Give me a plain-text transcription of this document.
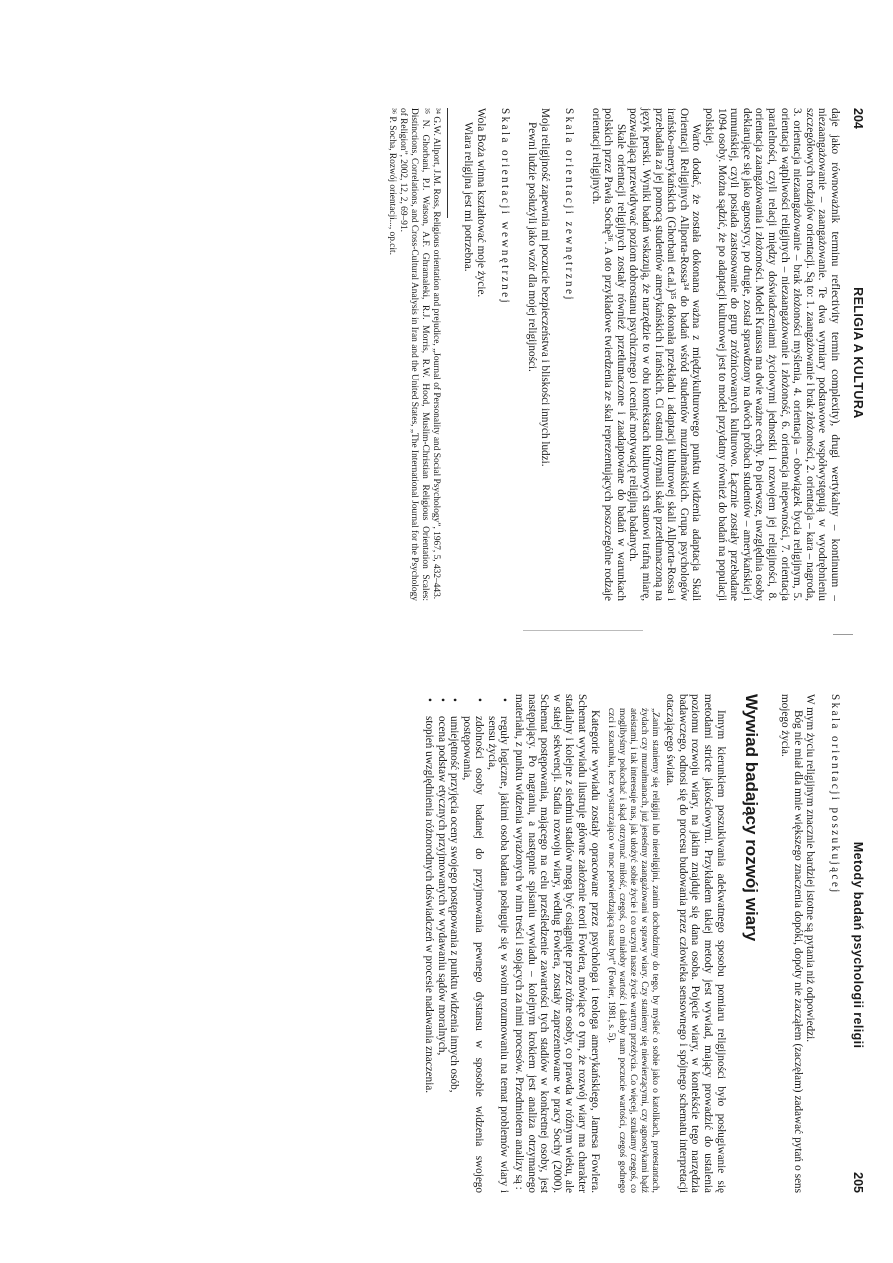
204
RELIGIA A KULTURA

daje jako równoważnik terminu reflectivity termin complexity), drugi wertykalny – kontinuum – niezaangażowanie – zaangażowanie. Te dwa wymiary podstawowe współwystępują w wyodrębnieniu szczegółowych rodzajów orientacji. Są to: 1. zaangażowanie i brak złożoności, 2. orientacja – kara – nagroda, 3. orientacja niezaangażowanie – brak złożoności myślenia, 4. orientacja – obowiązek bycia religijnym, 5. orientacja wątpliwości religijnych – niezaangażowanie i złożoność, 6. orientacja niepewności, 7. orientacja paralelności, czyli relacji między doświadczeniami życiowymi jednostki i rozwojem jej religijności, 8. orientacja zaangażowania i złożoności. Model Kraussa ma dwie ważne cechy. Po pierwsze, uwzględnia osoby deklarujące się jako agnostycy, po drugie, został sprawdzony na dwóch próbach studentów – amerykańskiej i rumuńskiej, czyli posiada zastosowanie do grup zróżnicowanych kulturowo. Łącznie zostały przebadane 1094 osoby. Można sądzić, że po adaptacji kulturowej jest to model przydatny również do badań na populacji polskiej.

Warto dodać, że została dokonana ważna z międzykulturowego punktu widzenia adaptacja Skali Orientacji Religijnych Allporta-Rossa³⁴ do badań wśród studentów muzułmańskich. Grupa psychologów irańsko-amerykańskich (Ghorbani et.al.)³⁵ dokonała przekładu i adaptacji kulturowej skali Allporta-Rossa i przebadała za jej pomocą studentów amerykańskich i irańskich. Ci ostatni otrzymali skalę przetłumaczoną na język perski. Wyniki badań wskazują, że narzędzie to w obu kontekstach kulturowych stanowi trafną miarę, pozwalającą przewidywać poziom dobrostanu psychicznego i oceniać motywację religijną badanych.

Skale orientacji religijnych zostały również przetłumaczone i zaadaptowane do badań w warunkach polskich przez Pawła Sochę³⁶. A oto przykładowe twierdzenia ze skal reprezentujących poszczególne rodzaje orientacji religijnych.

Skala orientacji zewnętrznej
Moja religijność zapewnia mi poczucie bezpieczeństwa i bliskości innych ludzi.
Pewni ludzie posłużyli jako wzór dla mojej religijności.
Skala orientacji wewnętrznej
Wola Boża winna kształtować moje życie.
Wiara religijna jest mi potrzebna.

³⁴ G.W. Allport, J.M. Ross, Religious orientation and prejudice, „Journal of Personality and Social Psychology”, 1967, 5, 432–443.

³⁵ N. Ghorbani, P.J. Watson, A.F. Ghramaleki, R.J. Morris, R.W. Hood, Muslim-Christian Religious Orientation Scales: Distinctions, Correlations, and Cross-Cultural Analysis in Iran and the United States, „The International Journal for the Psychology of Religion”, 2002, 12, 2, 69–91.

³⁶ P. Socha, Rozwój orientacji..., op.cit.

Metody badań psychologii religii
205
Skala orientacji poszukującej

W mym życiu religijnym znacznie bardziej istotne są pytania niż odpowiedzi.

Bóg nie miał dla mnie większego znaczenia dopóki, dopóty nie zacząłem (zaczęłam) zadawać pytań o sens mojego życia.

Wywiad badający rozwój wiary

Innym kierunkiem poszukiwania adekwatnego sposobu pomiaru religijności było posługiwanie się metodami stricte jakościowymi. Przykładem takiej metody jest wywiad, mający prowadzić do ustalenia poziomu rozwoju wiary, na jakim znajduje się dana osoba. Pojęcie wiary, w kontekście tego narzędzia badawczego, odnosi się do procesu budowania przez człowieka sensownego i spójnego schematu interpretacji otaczającego świata.

„Zanim staniemy się religijni lub niereligijni, zanim dochodzimy do tego, by myśleć o sobie jako o katolikach, protestantach, żydach czy muzułmanach, już jesteśmy zaangażowani w sprawy wiary. Czy staniemy się niewierzącymi, czy agnostykami bądź ateistami, i tak interesuje nas, jak ułożyć sobie życie i co uczyni nasze życie wartym przeżycia. Co więcej, szukamy czegoś, co moglibyśmy pokochać i skąd otrzymać miłość, czegoś, co miałoby wartość i dałoby nam poczucie wartości, czegoś godnego czci i szacunku, lecz wystarczająco w moc potwierdzającą nasz byt” (Fowler, 1981, s. 5).

Kategorie wywiadu zostały opracowane przez psychologa i teologa amerykańskiego, Jamesa Fowlera. Schemat wywiadu ilustruje główne założenie teorii Fowlera, mówiące o tym, że rozwój wiary ma charakter stadialny i kolejne z siedmiu stadiów mogą być osiągnięte przez różne osoby, co prawda w różnym wieku, ale w stałej sekwencji. Stadia rozwoju wiary, według Fowlera, zostały zaprezentowane w pracy Sochy (2000). Schemat postępowania, mającego na celu prześledzenie zawartości tych stadiów w konkretnej osoby, jest następujący. Po nagraniu, a następnie spisaniu wywiadu – kolejnym krokiem jest analiza otrzymanego materiału, z punktu widzenia wyrażonych w nim treści i stojących za nimi procesów. Przedmiotem analizy są :

• reguły logiczne, jakimi osoba badana posługuje się w swoim rozumowaniu na temat problemów wiary i sensu życia,
• zdolności osoby badanej do przyjmowania pewnego dystansu w sposobie widzenia swojego postępowania,
• umiejętność przyjęcia oceny swojego postępowania z punktu widzenia innych osób,
• ocena podstaw etycznych przyjmowanych w wydawaniu sądów moralnych,
• stopień uwzględnienia różnorodnych doświadczeń w procesie nadawania znaczenia.
